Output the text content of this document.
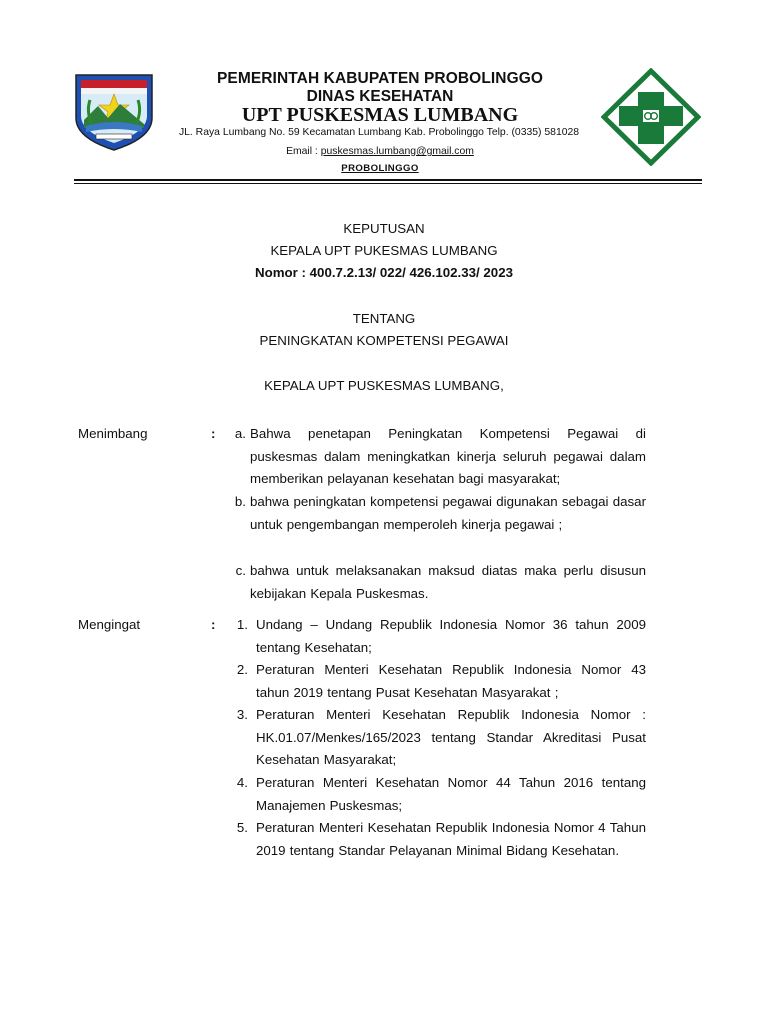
PEMERINTAH KABUPATEN PROBOLINGGO
DINAS KESEHATAN
UPT PUSKESMAS LUMBANG
JL. Raya Lumbang No. 59 Kecamatan Lumbang Kab. Probolinggo Telp. (0335) 581028
Email : puskesmas.lumbang@gmail.com
PROBOLINGGO
KEPUTUSAN
KEPALA UPT PUKESMAS LUMBANG
Nomor : 400.7.2.13/ 022/ 426.102.33/ 2023
TENTANG
PENINGKATAN KOMPETENSI PEGAWAI
KEPALA UPT PUSKESMAS LUMBANG,
Menimbang	:	a. Bahwa penetapan Peningkatan Kompetensi Pegawai di puskesmas dalam meningkatkan kinerja seluruh pegawai dalam memberikan pelayanan kesehatan bagi masyarakat;
b. bahwa peningkatan kompetensi pegawai digunakan sebagai dasar untuk pengembangan memperoleh kinerja pegawai ;
c. bahwa untuk melaksanakan maksud diatas maka perlu disusun kebijakan Kepala Puskesmas.
Mengingat	:	1. Undang – Undang Republik Indonesia Nomor 36 tahun 2009 tentang Kesehatan;
2. Peraturan Menteri Kesehatan Republik Indonesia Nomor 43 tahun 2019 tentang Pusat Kesehatan Masyarakat ;
3. Peraturan Menteri Kesehatan Republik Indonesia Nomor : HK.01.07/Menkes/165/2023 tentang Standar Akreditasi Pusat Kesehatan Masyarakat;
4. Peraturan Menteri Kesehatan Nomor 44 Tahun 2016 tentang Manajemen Puskesmas;
5. Peraturan Menteri Kesehatan Republik Indonesia Nomor 4 Tahun 2019 tentang Standar Pelayanan Minimal Bidang Kesehatan.
